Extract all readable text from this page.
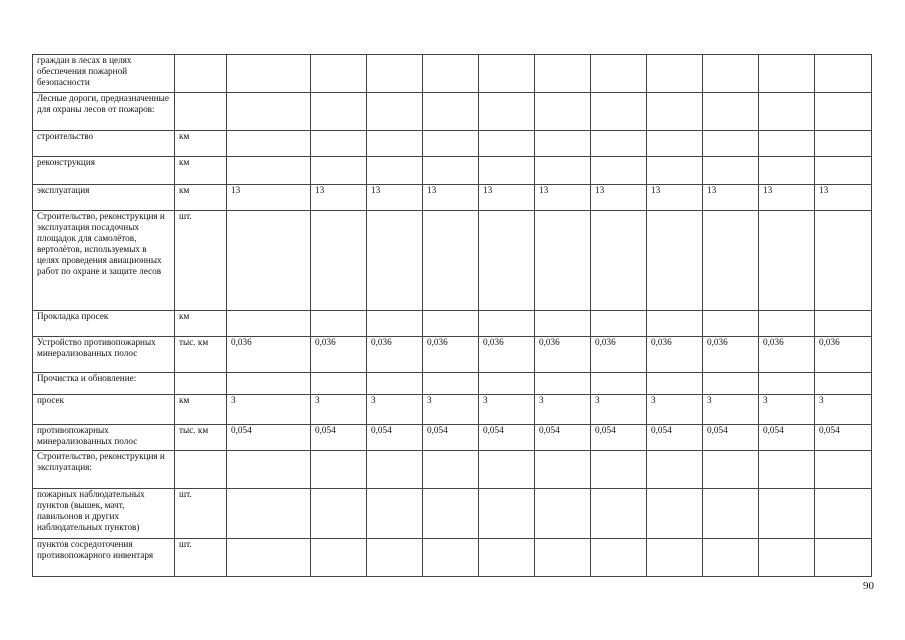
граждан в лесах в целях обеспечения пожарной безопасности												
Лесные дороги, предназначенные для охраны лесов от пожаров:												
строительство	км											
реконструкция	км											
эксплуатация	км	13	13	13	13	13	13	13	13	13	13	13
Строительство, реконструкция и эксплуатация посадочных площадок для самолётов, вертолётов, используемых в целях проведения авиационных работ по охране и защите лесов	шт.											
Прокладка просек	км											
Устройство противопожарных минерализованных полос	тыс. км	0,036	0,036	0,036	0,036	0,036	0,036	0,036	0,036	0,036	0,036	0,036
Прочистка и обновление:												
просек	км	3	3	3	3	3	3	3	3	3	3	3
противопожарных минерализованных полос	тыс. км	0,054	0,054	0,054	0,054	0,054	0,054	0,054	0,054	0,054	0,054	0,054
Строительство, реконструкция и эксплуатация:												
пожарных наблюдательных пунктов (вышек, мачт, павильонов и других наблюдательных пунктов)	шт.											
пунктов сосредоточения противопожарного инвентаря	шт.											
90
